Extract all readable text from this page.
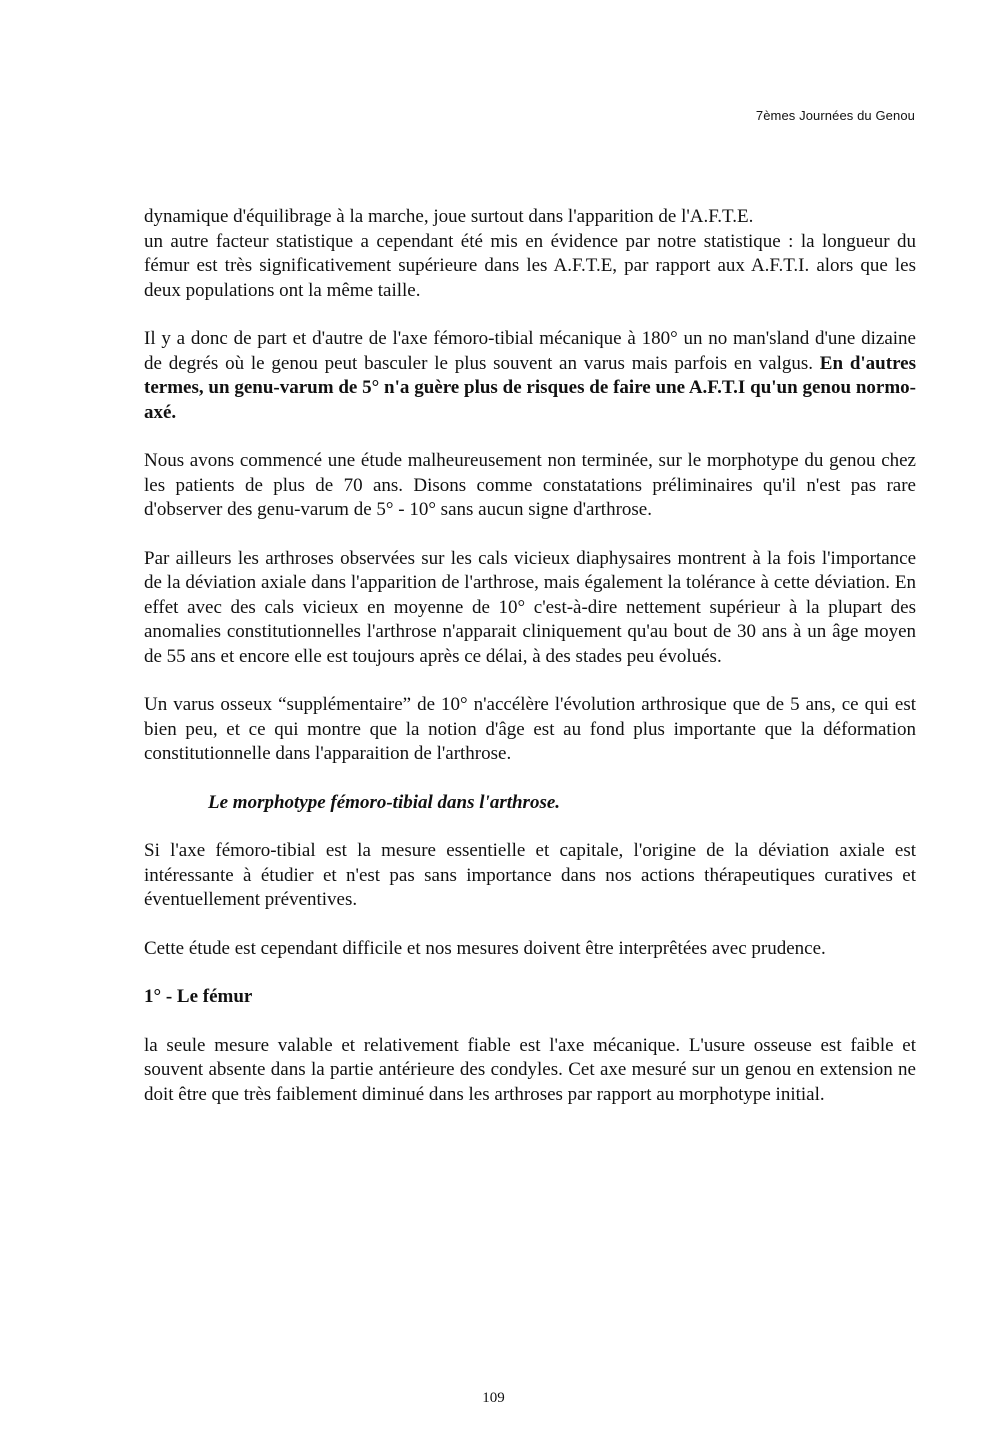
7èmes Journées du Genou

dynamique d'équilibrage à la marche, joue surtout dans l'apparition de l'A.F.T.E.

un autre facteur statistique a cependant été mis en évidence par notre statistique : la longueur du fémur est très significativement supérieure dans les A.F.T.E, par rapport aux A.F.T.I. alors que les deux populations ont la même taille.

Il y a donc de part et d'autre de l'axe fémoro-tibial mécanique à 180° un no man'sland d'une dizaine de degrés où le genou peut basculer le plus souvent an varus mais parfois en valgus. En d'autres termes, un genu-varum de 5° n'a guère plus de risques de faire une A.F.T.I qu'un genou normo-axé.

Nous avons commencé une étude malheureusement non terminée, sur le morphotype du genou chez les patients de plus de 70 ans. Disons comme constatations préliminaires qu'il n'est pas rare d'observer des genu-varum de 5° - 10° sans aucun signe d'arthrose.

Par ailleurs les arthroses observées sur les cals vicieux diaphysaires montrent à la fois l'importance de la déviation axiale dans l'apparition de l'arthrose, mais également la tolérance à cette déviation. En effet avec des cals vicieux en moyenne de 10° c'est-à-dire nettement supérieur à la plupart des anomalies constitutionnelles l'arthrose n'apparait cliniquement qu'au bout de 30 ans à un âge moyen de 55 ans et encore elle est toujours après ce délai, à des stades peu évolués.

Un varus osseux “supplémentaire” de 10° n'accélère l'évolution arthrosique que de 5 ans, ce qui est bien peu, et ce qui montre que la notion d'âge est au fond plus importante que la déformation constitutionnelle dans l'apparaition de l'arthrose.

Le morphotype fémoro-tibial dans l'arthrose.

Si l'axe fémoro-tibial est la mesure essentielle et capitale, l'origine de la déviation axiale est intéressante à étudier et n'est pas sans importance dans nos actions thérapeutiques curatives et éventuellement préventives.

Cette étude est cependant difficile et nos mesures doivent être interprêtées avec prudence.

1° - Le fémur

la seule mesure valable et relativement fiable est l'axe mécanique. L'usure osseuse est faible et souvent absente dans la partie antérieure des condyles. Cet axe mesuré sur un genou en extension ne doit être que très faiblement diminué dans les arthroses par rapport au morphotype initial.

109
